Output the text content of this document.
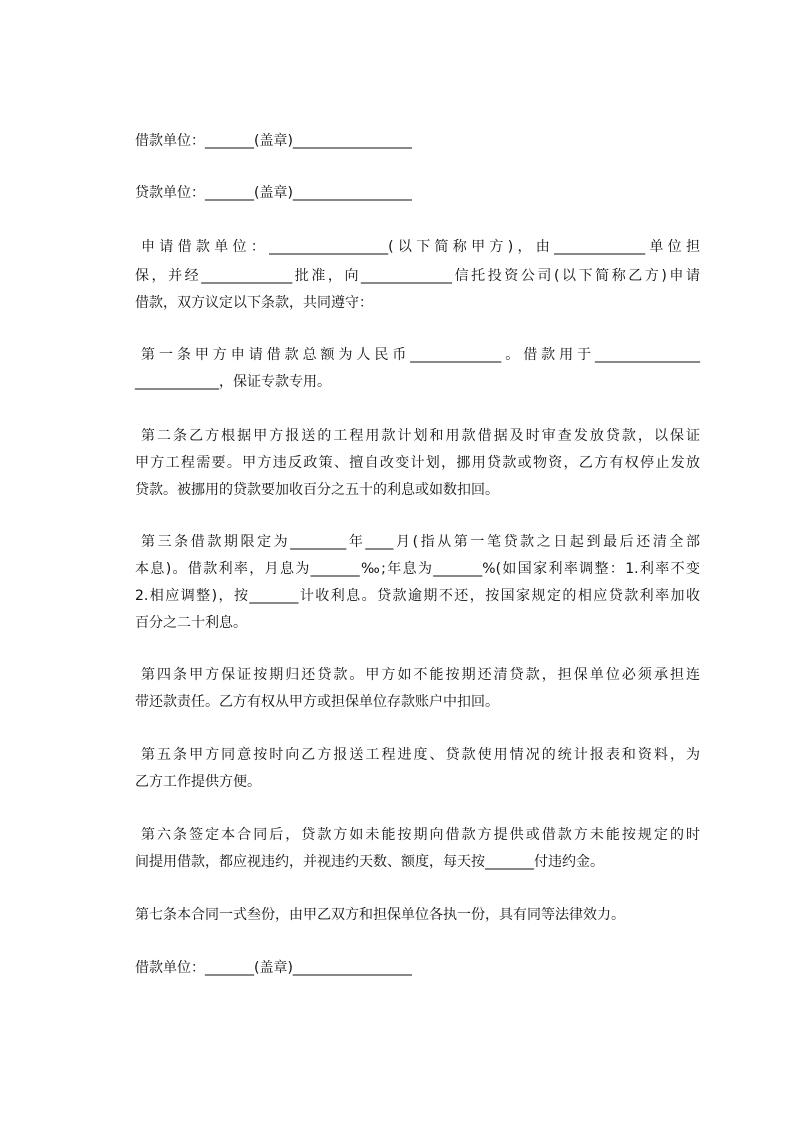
借款单位：_______(盖章)_________________
贷款单位：_______(盖章)_________________
申请借款单位：_________________(以下简称甲方)，由_____________单位担
保，并经_____________批准，向_____________信托投资公司(以下简称乙方)申请
借款，双方议定以下条款，共同遵守：
第一条甲方申请借款总额为人民币_____________。借款用于_______________
____________，保证专款专用。
第二条乙方根据甲方报送的工程用款计划和用款借据及时审查发放贷款，以保证
甲方工程需要。甲方违反政策、擅自改变计划，挪用贷款或物资，乙方有权停止发放
贷款。被挪用的贷款要加收百分之五十的利息或如数扣回。
第三条借款期限定为________年____月(指从第一笔贷款之日起到最后还清全部
本息)。借款利率，月息为_______‰;年息为_______%(如国家利率调整：1.利率不变
2.相应调整)，按_______计收利息。贷款逾期不还，按国家规定的相应贷款利率加收
百分之二十利息。
第四条甲方保证按期归还贷款。甲方如不能按期还清贷款，担保单位必须承担连
带还款责任。乙方有权从甲方或担保单位存款账户中扣回。
第五条甲方同意按时向乙方报送工程进度、贷款使用情况的统计报表和资料，为
乙方工作提供方便。
第六条签定本合同后，贷款方如未能按期向借款方提供或借款方未能按规定的时
间提用借款，都应视违约，并视违约天数、额度，每天按_______付违约金。
第七条本合同一式叁份，由甲乙双方和担保单位各执一份，具有同等法律效力。
借款单位：_______(盖章)_________________
